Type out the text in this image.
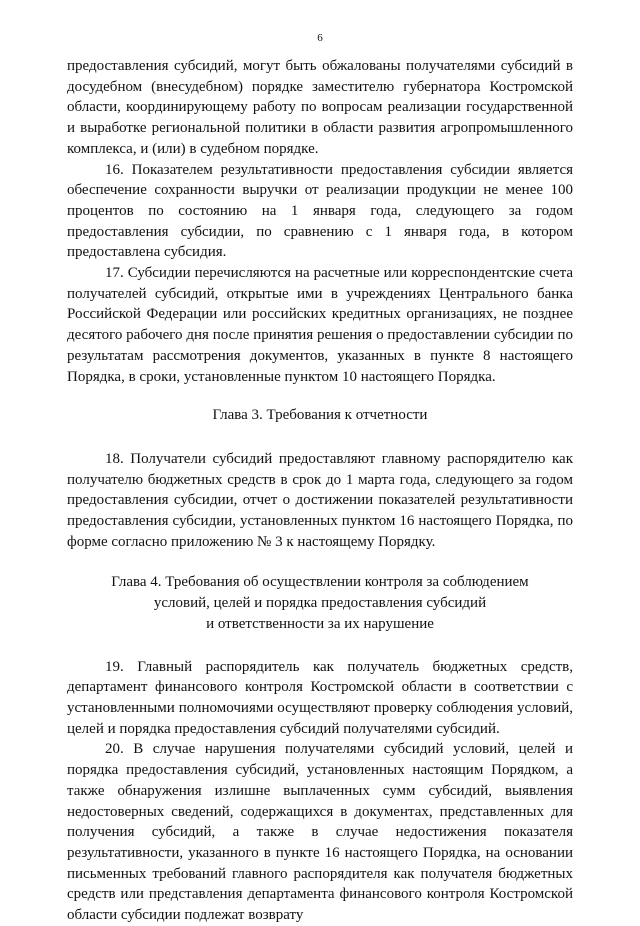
6

предоставления субсидий, могут быть обжалованы получателями субсидий в досудебном (внесудебном) порядке заместителю губернатора Костромской области, координирующему работу по вопросам реализации государственной и выработке региональной политики в области развития агропромышленного комплекса, и (или) в судебном порядке.

16. Показателем результативности предоставления субсидии является обеспечение сохранности выручки от реализации продукции не менее 100 процентов по состоянию на 1 января года, следующего за годом предоставления субсидии, по сравнению с 1 января года, в котором предоставлена субсидия.

17. Субсидии перечисляются на расчетные или корреспондентские счета получателей субсидий, открытые ими в учреждениях Центрального банка Российской Федерации или российских кредитных организациях, не позднее десятого рабочего дня после принятия решения о предоставлении субсидии по результатам рассмотрения документов, указанных в пункте 8 настоящего Порядка, в сроки, установленные пунктом 10 настоящего Порядка.

Глава 3. Требования к отчетности

18. Получатели субсидий предоставляют главному распорядителю как получателю бюджетных средств в срок до 1 марта года, следующего за годом предоставления субсидии, отчет о достижении показателей результативности предоставления субсидии, установленных пунктом 16 настоящего Порядка, по форме согласно приложению № 3 к настоящему Порядку.

Глава 4. Требования об осуществлении контроля за соблюдением
условий, целей и порядка предоставления субсидий
и ответственности за их нарушение

19. Главный распорядитель как получатель бюджетных средств, департамент финансового контроля Костромской области в соответствии с установленными полномочиями осуществляют проверку соблюдения условий, целей и порядка предоставления субсидий получателями субсидий.

20. В случае нарушения получателями субсидий условий, целей и порядка предоставления субсидий, установленных настоящим Порядком, а также обнаружения излишне выплаченных сумм субсидий, выявления недостоверных сведений, содержащихся в документах, представленных для получения субсидий, а также в случае недостижения показателя результативности, указанного в пункте 16 настоящего Порядка, на основании письменных требований главного распорядителя как получателя бюджетных средств или представления департамента финансового контроля Костромской области субсидии подлежат возврату
